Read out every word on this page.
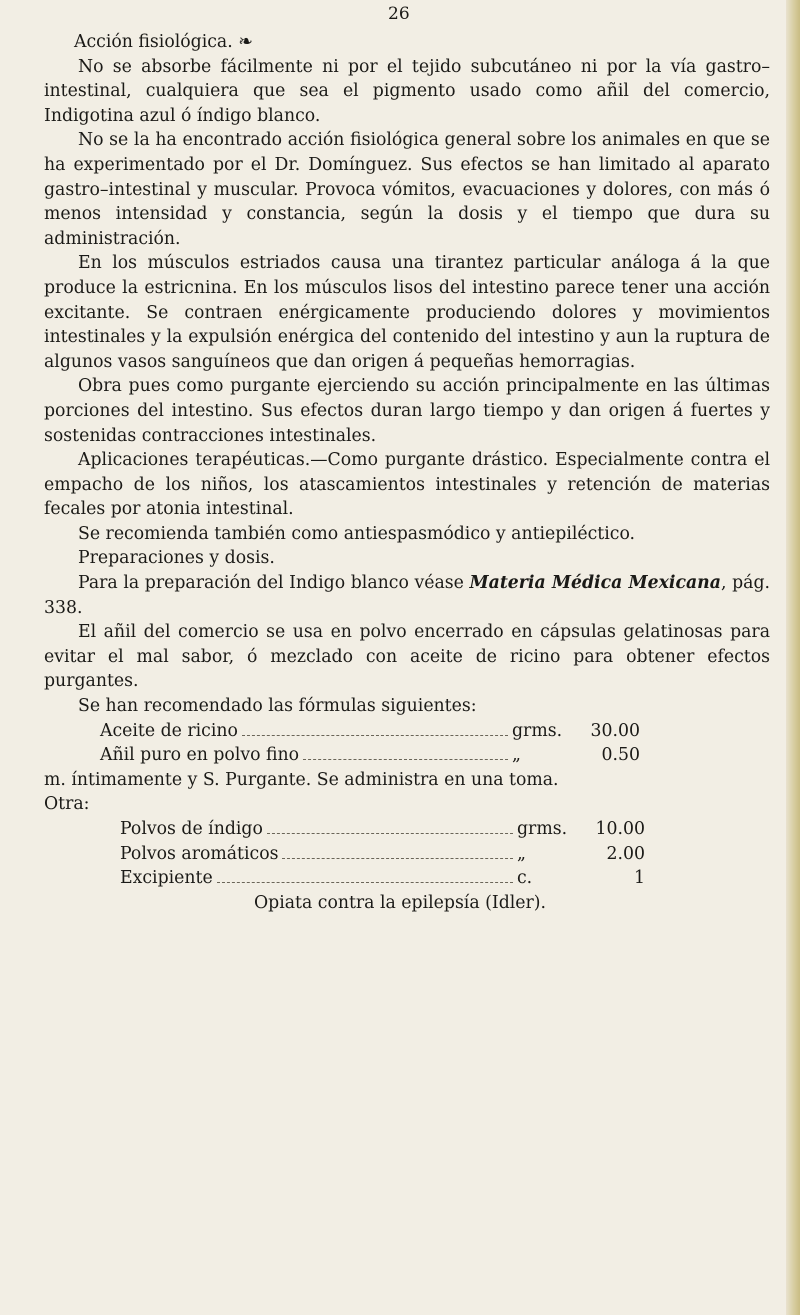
26

Acción fisiológica. ❧

No se absorbe fácilmente ni por el tejido subcutáneo ni por la vía gastro–intestinal, cualquiera que sea el pigmento usado como añil del comercio, Indigotina azul ó índigo blanco.

No se la ha encontrado acción fisiológica general sobre los animales en que se ha experimentado por el Dr. Domínguez. Sus efectos se han limitado al aparato gastro–intestinal y muscular. Provoca vómitos, evacuaciones y dolores, con más ó menos intensidad y constancia, según la dosis y el tiempo que dura su administración.

En los músculos estriados causa una tirantez particular análoga á la que produce la estricnina. En los músculos lisos del intestino parece tener una acción excitante. Se contraen enérgicamente produciendo dolores y movimientos intestinales y la expulsión enérgica del contenido del intestino y aun la ruptura de algunos vasos sanguíneos que dan origen á pequeñas hemorragias.

Obra pues como purgante ejerciendo su acción principalmente en las últimas porciones del intestino. Sus efectos duran largo tiempo y dan origen á fuertes y sostenidas contracciones intestinales.

Aplicaciones terapéuticas.—Como purgante drástico. Especialmente contra el empacho de los niños, los atascamientos intestinales y retención de materias fecales por atonia intestinal.

Se recomienda también como antiespasmódico y antiepiléctico.

Preparaciones y dosis.

Para la preparación del Indigo blanco véase Materia Médica Mexicana, pág. 338.

El añil del comercio se usa en polvo encerrado en cápsulas gelatinosas para evitar el mal sabor, ó mezclado con aceite de ricino para obtener efectos purgantes.

Se han recomendado las fórmulas siguientes:

Aceite de ricino	grms.	30.00
Añil puro en polvo fino	„	0.50

m. íntimamente y S. Purgante. Se administra en una toma.

Otra:

Polvos de índigo	grms.	10.00
Polvos aromáticos	„	2.00
Excipiente	c.	1
Opiata contra la epilepsía (Idler).
